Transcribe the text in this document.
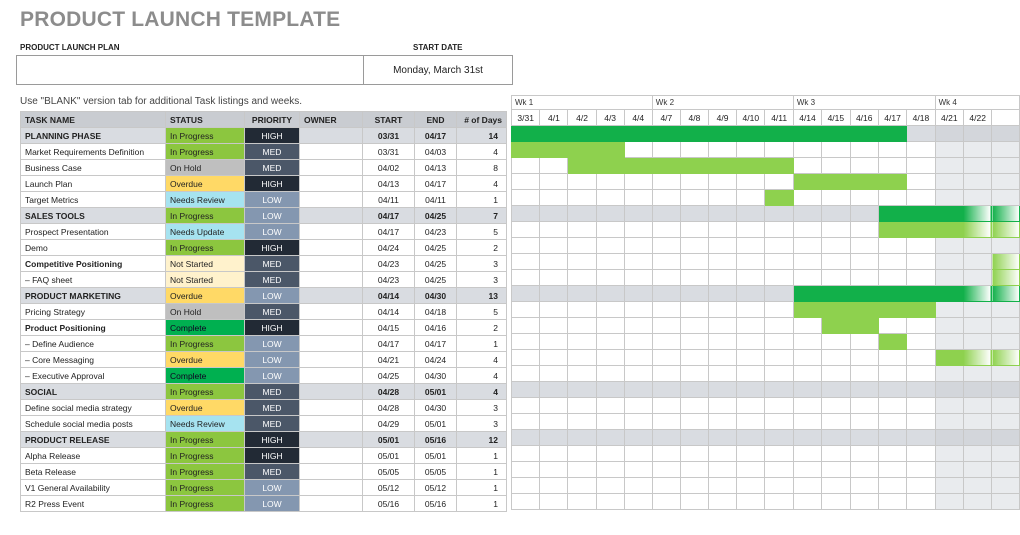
PRODUCT LAUNCH TEMPLATE
PRODUCT LAUNCH PLAN	START DATE
Monday, March 31st
Use "BLANK" version tab for additional Task listings and weeks.
TASK NAME	STATUS	PRIORITY	OWNER	START	END	# of Days
PLANNING PHASE	In Progress	HIGH		03/31	04/17	14
Market Requirements Definition	In Progress	MED		03/31	04/03	4
Business Case	On Hold	MED		04/02	04/13	8
Launch Plan	Overdue	HIGH		04/13	04/17	4
Target Metrics	Needs Review	LOW		04/11	04/11	1
SALES TOOLS	In Progress	LOW		04/17	04/25	7
Prospect Presentation	Needs Update	LOW		04/17	04/23	5
Demo	In Progress	HIGH		04/24	04/25	2
Competitive Positioning	Not Started	MED		04/23	04/25	3
– FAQ sheet	Not Started	MED		04/23	04/25	3
PRODUCT MARKETING	Overdue	LOW		04/14	04/30	13
Pricing Strategy	On Hold	MED		04/14	04/18	5
Product Positioning	Complete	HIGH		04/15	04/16	2
– Define Audience	In Progress	LOW		04/17	04/17	1
– Core Messaging	Overdue	LOW		04/21	04/24	4
– Executive Approval	Complete	LOW		04/25	04/30	4
SOCIAL	In Progress	MED		04/28	05/01	4
Define social media strategy	Overdue	MED		04/28	04/30	3
Schedule social media posts	Needs Review	MED		04/29	05/01	3
PRODUCT RELEASE	In Progress	HIGH		05/01	05/16	12
Alpha Release	In Progress	HIGH		05/01	05/01	1
Beta Release	In Progress	MED		05/05	05/05	1
V1 General Availability	In Progress	LOW		05/12	05/12	1
R2 Press Event	In Progress	LOW		05/16	05/16	1
Wk 1					Wk 2					Wk 3					Wk 4		
3/31	4/1	4/2	4/3	4/4	4/7	4/8	4/9	4/10	4/11	4/14	4/15	4/16	4/17	4/18	4/21	4/22	
